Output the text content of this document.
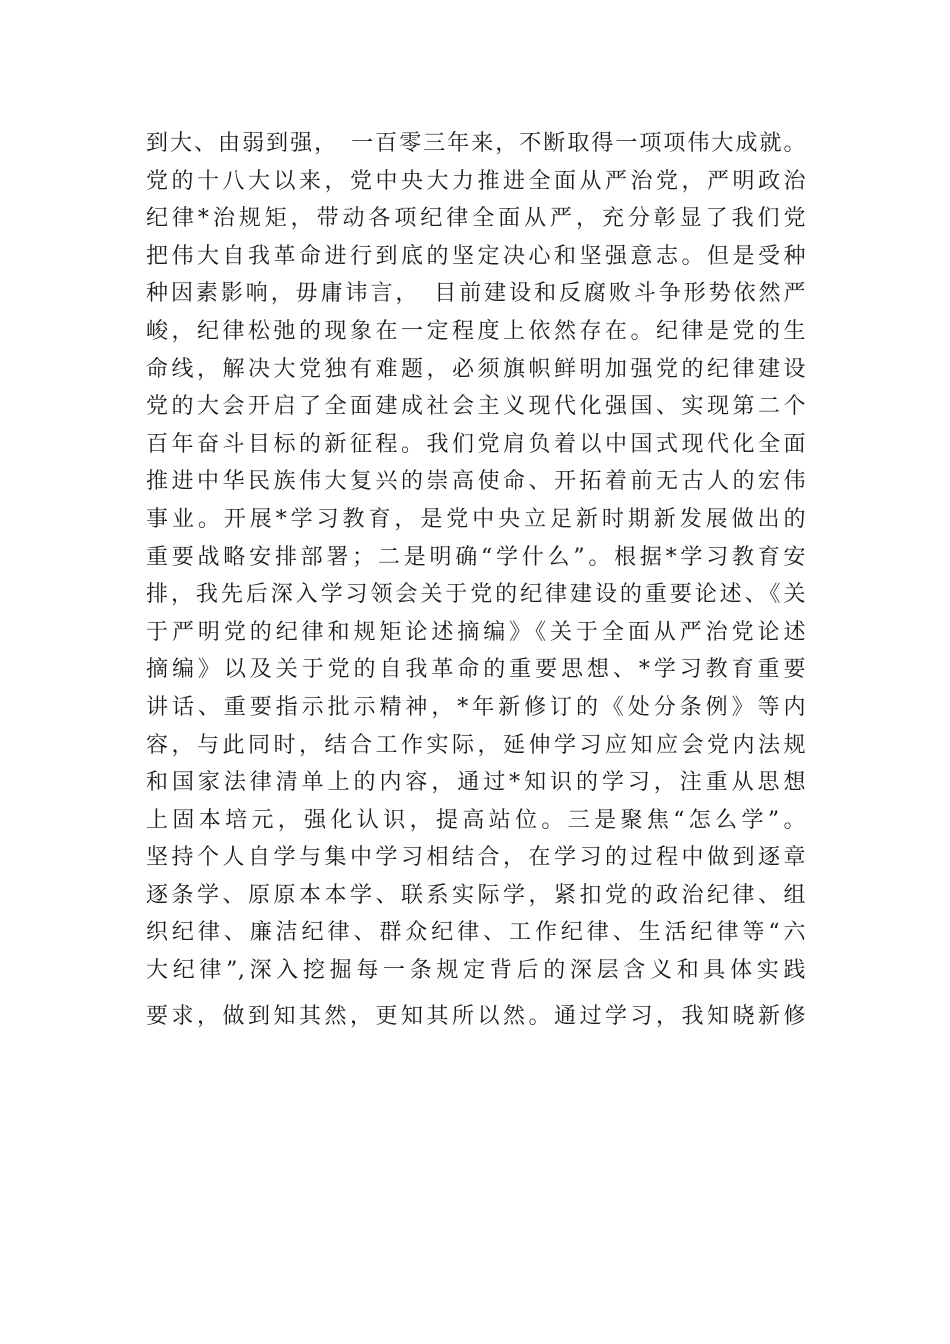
到大、由弱到强，　一百零三年来，不断取得一项项伟大成就。
党的十八大以来，党中央大力推进全面从严治党，严明政治
纪律*治规矩，带动各项纪律全面从严，充分彰显了我们党
把伟大自我革命进行到底的坚定决心和坚强意志。但是受种
种因素影响，毋庸讳言，　目前建设和反腐败斗争形势依然严
峻，纪律松弛的现象在一定程度上依然存在。纪律是党的生
命线，解决大党独有难题，必须旗帜鲜明加强党的纪律建设
党的大会开启了全面建成社会主义现代化强国、实现第二个
百年奋斗目标的新征程。我们党肩负着以中国式现代化全面
推进中华民族伟大复兴的崇高使命、开拓着前无古人的宏伟
事业。开展*学习教育，是党中央立足新时期新发展做出的
重要战略安排部署；二是明确“学什么”。根据*学习教育安
排，我先后深入学习领会关于党的纪律建设的重要论述、《关
于严明党的纪律和规矩论述摘编》《关于全面从严治党论述
摘编》以及关于党的自我革命的重要思想、*学习教育重要
讲话、重要指示批示精神，*年新修订的《处分条例》等内
容，与此同时，结合工作实际，延伸学习应知应会党内法规
和国家法律清单上的内容，通过*知识的学习，注重从思想
上固本培元，强化认识，提高站位。三是聚焦“怎么学”。
坚持个人自学与集中学习相结合，在学习的过程中做到逐章
逐条学、原原本本学、联系实际学，紧扣党的政治纪律、组
织纪律、廉洁纪律、群众纪律、工作纪律、生活纪律等“六
大纪律”,深入挖掘每一条规定背后的深层含义和具体实践
要求，做到知其然，更知其所以然。通过学习，我知晓新修
